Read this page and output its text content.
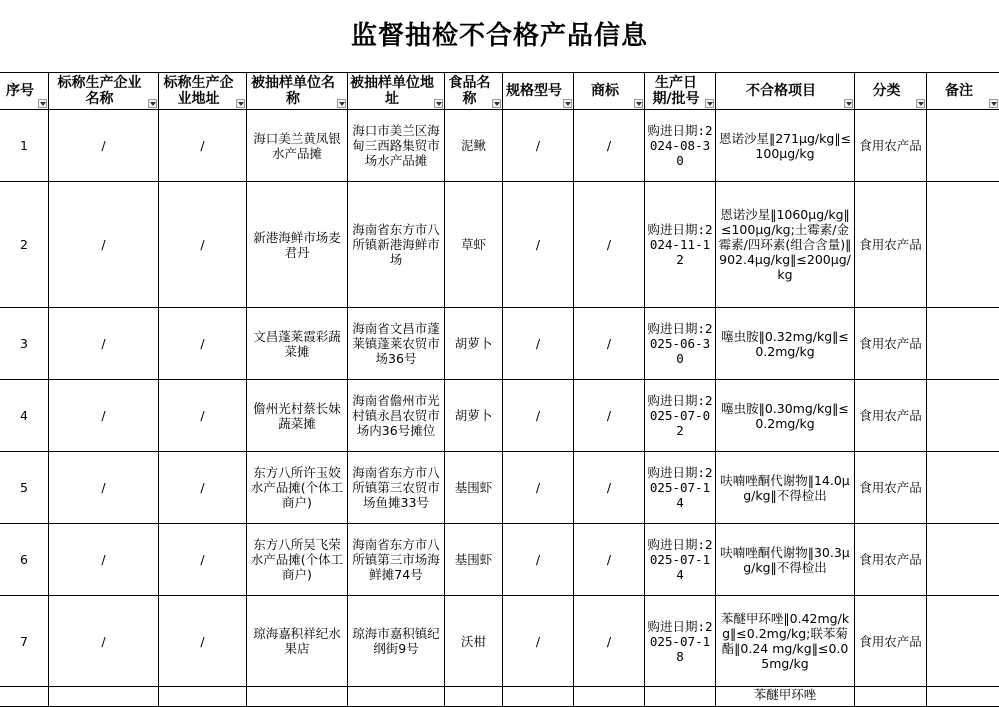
监督抽检不合格产品信息
序号	标称生产企业名称	标称生产企业地址	被抽样单位名称	被抽样单位地址	食品名称	规格型号	商标	生产日期/批号	不合格项目	分类	备注

1	/	/	海口美兰黄凤银水产品摊	海口市美兰区海甸三西路集贸市场水产品摊	泥鳅	/	/	购进日期:2024-08-30	恩诺沙星‖271μg/kg‖≤100μg/kg	食用农产品	
2	/	/	新港海鲜市场麦君丹	海南省东方市八所镇新港海鲜市场	草虾	/	/	购进日期:2024-11-12	恩诺沙星‖1060μg/kg‖≤100μg/kg;土霉素/金霉素/四环素(组合含量)‖902.4μg/kg‖≤200μg/kg	食用农产品	
3	/	/	文昌蓬莱霞彩蔬菜摊	海南省文昌市蓬莱镇蓬莱农贸市场36号	胡萝卜	/	/	购进日期:2025-06-30	噻虫胺‖0.32mg/kg‖≤0.2mg/kg	食用农产品	
4	/	/	儋州光村蔡长妹蔬菜摊	海南省儋州市光村镇永昌农贸市场内36号摊位	胡萝卜	/	/	购进日期:2025-07-02	噻虫胺‖0.30mg/kg‖≤0.2mg/kg	食用农产品	
5	/	/	东方八所许玉姣水产品摊(个体工商户)	海南省东方市八所镇第三农贸市场鱼摊33号	基围虾	/	/	购进日期:2025-07-14	呋喃唑酮代谢物‖14.0μg/kg‖不得检出	食用农产品	
6	/	/	东方八所吴飞荣水产品摊(个体工商户)	海南省东方市八所镇第三市场海鲜摊74号	基围虾	/	/	购进日期:2025-07-14	呋喃唑酮代谢物‖30.3μg/kg‖不得检出	食用农产品	
7	/	/	琼海嘉积祥纪水果店	琼海市嘉积镇纪纲街9号	沃柑	/	/	购进日期:2025-07-18	苯醚甲环唑‖0.42mg/kg‖≤0.2mg/kg;联苯菊酯‖0.24 mg/kg‖≤0.05mg/kg	食用农产品	
									苯醚甲环唑		
